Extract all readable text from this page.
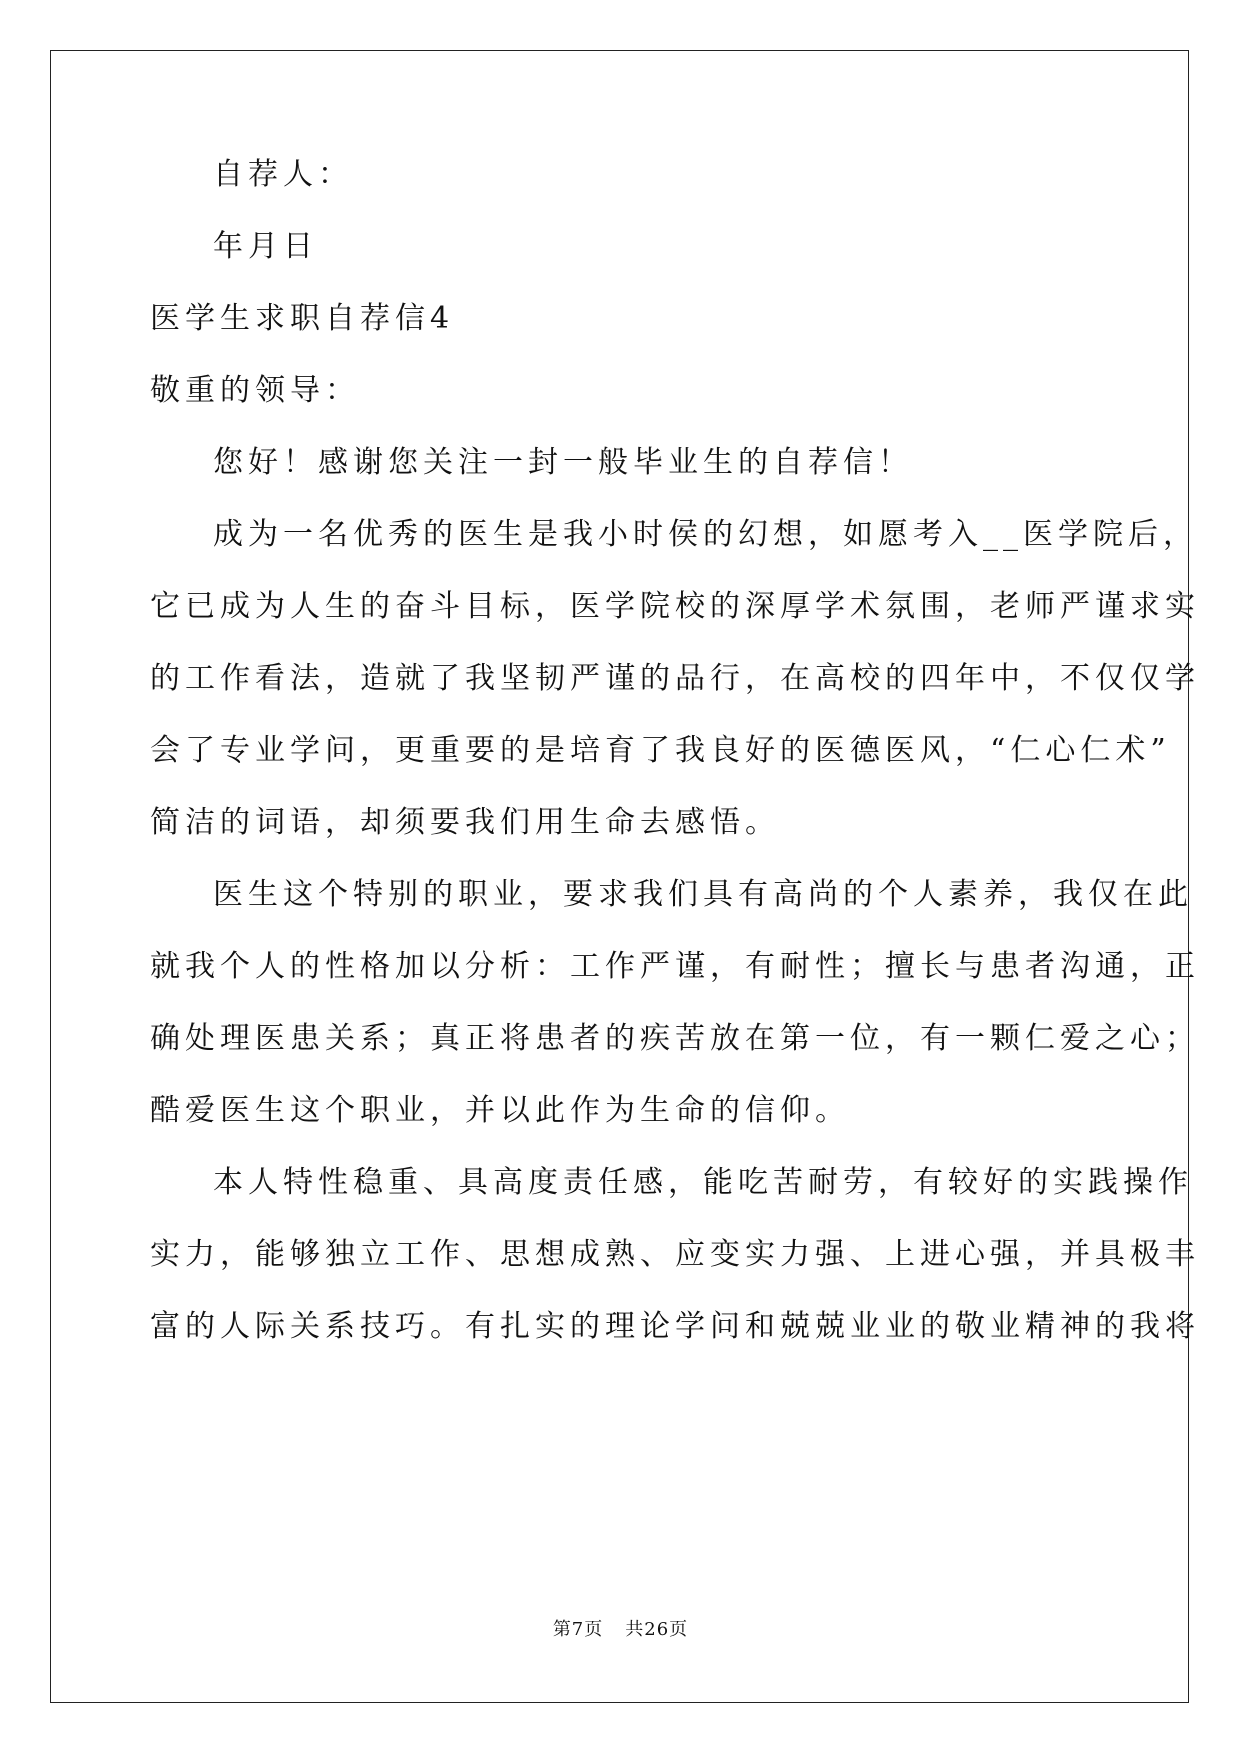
自荐人：
年月日
医学生求职自荐信4
敬重的领导：
您好！感谢您关注一封一般毕业生的自荐信！
成为一名优秀的医生是我小时侯的幻想，如愿考入__医学院后，
它已成为人生的奋斗目标，医学院校的深厚学术氛围，老师严谨求实
的工作看法，造就了我坚韧严谨的品行，在高校的四年中，不仅仅学
会了专业学问，更重要的是培育了我良好的医德医风，“仁心仁术”
简洁的词语，却须要我们用生命去感悟。
医生这个特别的职业，要求我们具有高尚的个人素养，我仅在此
就我个人的性格加以分析：工作严谨，有耐性；擅长与患者沟通，正
确处理医患关系；真正将患者的疾苦放在第一位，有一颗仁爱之心；
酷爱医生这个职业，并以此作为生命的信仰。
本人特性稳重、具高度责任感，能吃苦耐劳，有较好的实践操作
实力，能够独立工作、思想成熟、应变实力强、上进心强，并具极丰
富的人际关系技巧。有扎实的理论学问和兢兢业业的敬业精神的我将
第7页 共26页
